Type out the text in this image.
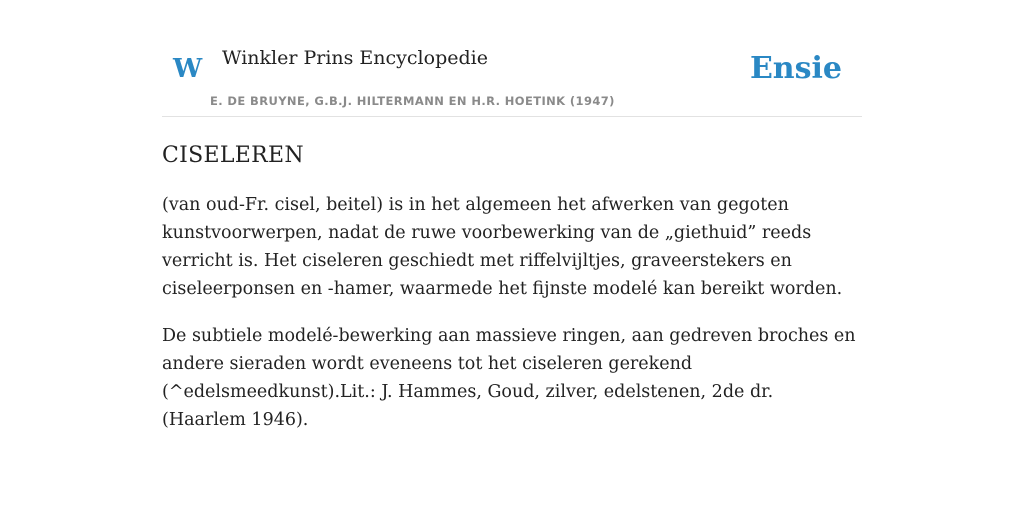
W Winkler Prins Encyclopedie
E. DE BRUYNE, G.B.J. HILTERMANN EN H.R. HOETINK (1947)
Ensie
CISELEREN

(van oud-Fr. cisel, beitel) is in het algemeen het afwerken van gegoten kunstvoorwerpen, nadat de ruwe voorbewerking van de „giethuid” reeds verricht is. Het ciseleren geschiedt met riffelvijltjes, graveerstekers en ciseleerponsen en -hamer, waarmede het fijnste modelé kan bereikt worden.

De subtiele modelé-bewerking aan massieve ringen, aan gedreven broches en andere sieraden wordt eveneens tot het ciseleren gerekend (^edelsmeedkunst).Lit.: J. Hammes, Goud, zilver, edelstenen, 2de dr. (Haarlem 1946).
